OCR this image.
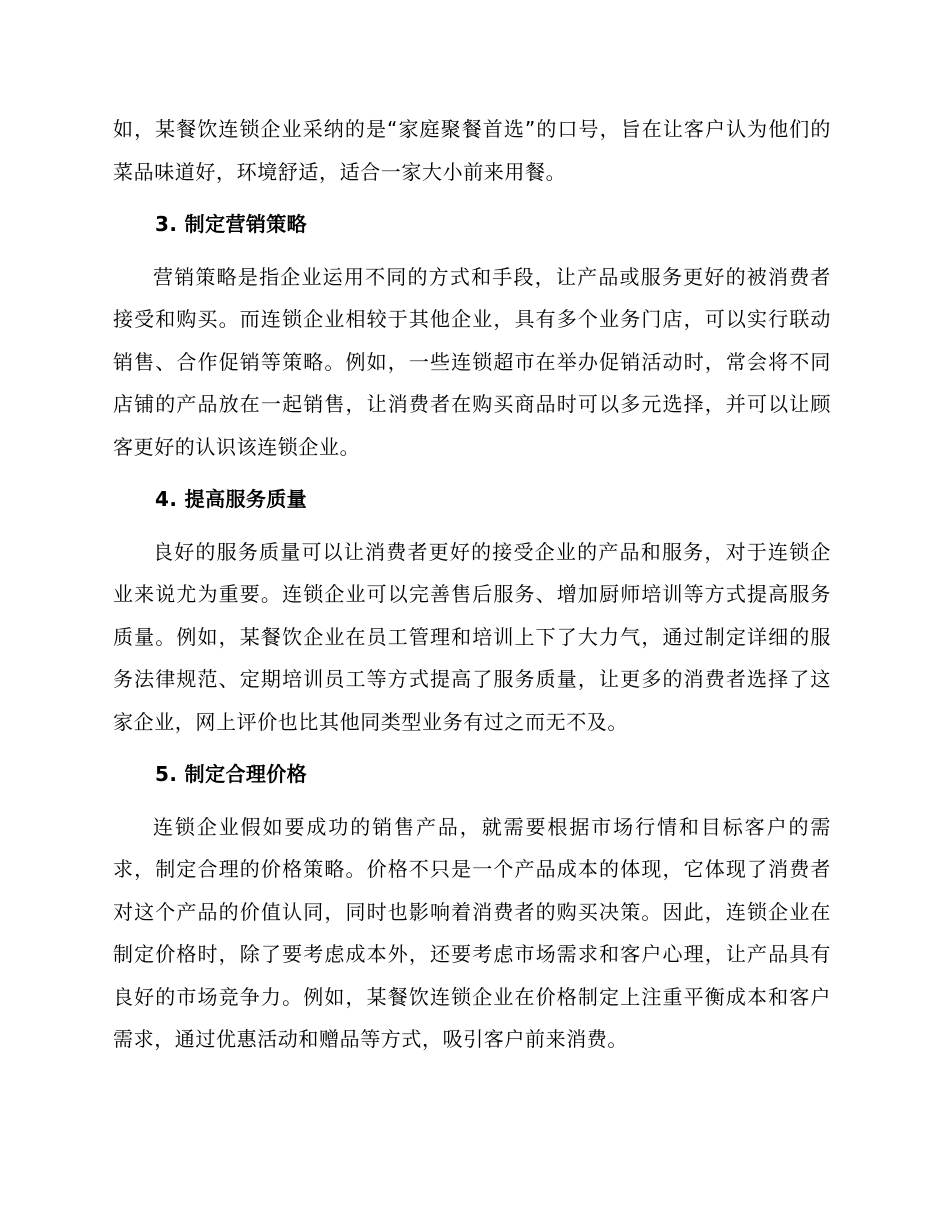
如，某餐饮连锁企业采纳的是“家庭聚餐首选”的口号，旨在让客户认为他们的菜品味道好，环境舒适，适合一家大小前来用餐。

3. 制定营销策略

营销策略是指企业运用不同的方式和手段，让产品或服务更好的被消费者接受和购买。而连锁企业相较于其他企业，具有多个业务门店，可以实行联动销售、合作促销等策略。例如，一些连锁超市在举办促销活动时，常会将不同店铺的产品放在一起销售，让消费者在购买商品时可以多元选择，并可以让顾客更好的认识该连锁企业。

4. 提高服务质量

良好的服务质量可以让消费者更好的接受企业的产品和服务，对于连锁企业来说尤为重要。连锁企业可以完善售后服务、增加厨师培训等方式提高服务质量。例如，某餐饮企业在员工管理和培训上下了大力气，通过制定详细的服务法律规范、定期培训员工等方式提高了服务质量，让更多的消费者选择了这家企业，网上评价也比其他同类型业务有过之而无不及。

5. 制定合理价格

连锁企业假如要成功的销售产品，就需要根据市场行情和目标客户的需求，制定合理的价格策略。价格不只是一个产品成本的体现，它体现了消费者对这个产品的价值认同，同时也影响着消费者的购买决策。因此，连锁企业在制定价格时，除了要考虑成本外，还要考虑市场需求和客户心理，让产品具有良好的市场竞争力。例如，某餐饮连锁企业在价格制定上注重平衡成本和客户需求，通过优惠活动和赠品等方式，吸引客户前来消费。
